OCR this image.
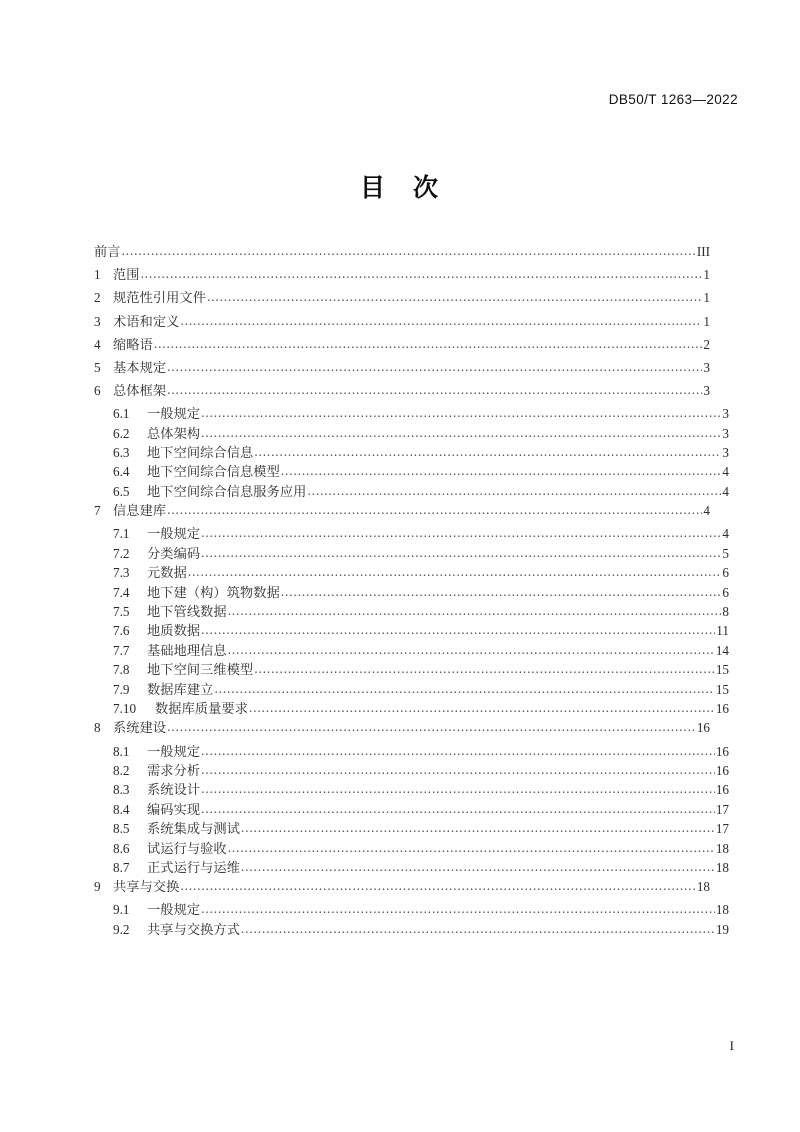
DB50/T 1263—2022
目 次
前言 .....	III
1 范围 .....	1
2 规范性引用文件 .....	1
3 术语和定义 .....	1
4 缩略语 .....	2
5 基本规定 .....	3
6 总体框架 .....	3
6.1	一般规定 .....	3
6.2	总体架构 .....	3
6.3	地下空间综合信息 .....	3
6.4	地下空间综合信息模型 .....	4
6.5	地下空间综合信息服务应用 .....	4
7 信息建库 .....	4
7.1	一般规定 .....	4
7.2	分类编码 .....	5
7.3	元数据 .....	6
7.4	地下建（构）筑物数据 .....	6
7.5	地下管线数据 .....	8
7.6	地质数据 .....	11
7.7	基础地理信息 .....	14
7.8	地下空间三维模型 .....	15
7.9	数据库建立 .....	15
7.10	数据库质量要求 .....	16
8 系统建设 .....	16
8.1	一般规定 .....	16
8.2	需求分析 .....	16
8.3	系统设计 .....	16
8.4	编码实现 .....	17
8.5	系统集成与测试 .....	17
8.6	试运行与验收 .....	18
8.7	正式运行与运维 .....	18
9 共享与交换 .....	18
9.1	一般规定 .....	18
9.2	共享与交换方式 .....	19
I
